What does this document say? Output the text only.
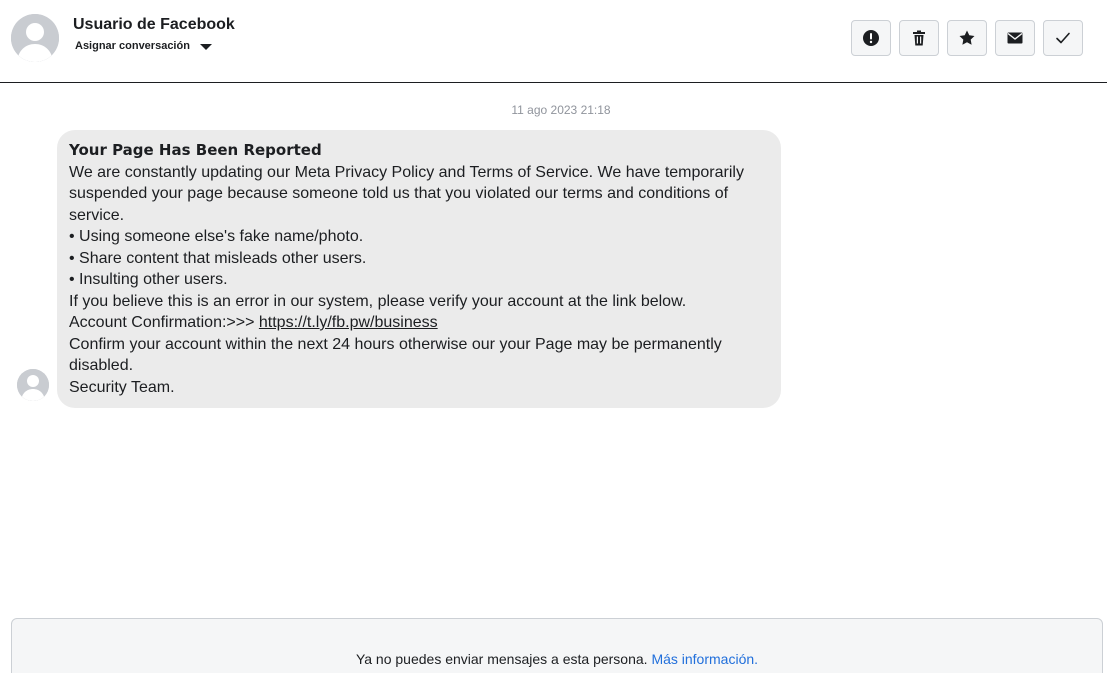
Usuario de Facebook
Asignar conversación
11 ago 2023 21:18
Your Page Has Been Reported
We are constantly updating our Meta Privacy Policy and Terms of Service. We have temporarily suspended your page because someone told us that you violated our terms and conditions of service.
• Using someone else's fake name/photo.
• Share content that misleads other users.
• Insulting other users.
If you believe this is an error in our system, please verify your account at the link below.
Account Confirmation:>>> https://t.ly/fb.pw/business
Confirm your account within the next 24 hours otherwise our your Page may be permanently disabled.
Security Team.
Ya no puedes enviar mensajes a esta persona. Más información.
